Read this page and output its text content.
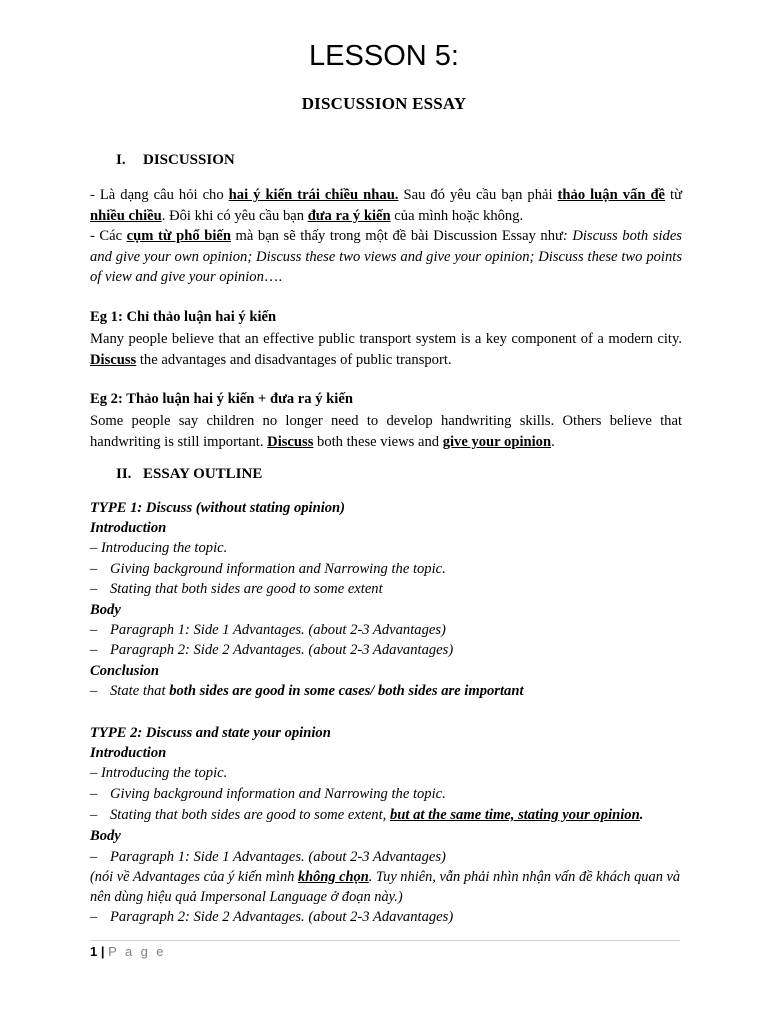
LESSON 5:
DISCUSSION ESSAY
I. DISCUSSION
- Là dạng câu hỏi cho hai ý kiến trái chiều nhau. Sau đó yêu cầu bạn phải thảo luận vấn đề từ nhiều chiều. Đôi khi có yêu cầu bạn đưa ra ý kiến của mình hoặc không.
- Các cụm từ phổ biến mà bạn sẽ thấy trong một đề bài Discussion Essay như: Discuss both sides and give your own opinion; Discuss these two views and give your opinion; Discuss these two points of view and give your opinion….
Eg 1: Chỉ thảo luận hai ý kiến
Many people believe that an effective public transport system is a key component of a modern city. Discuss the advantages and disadvantages of public transport.
Eg 2: Thảo luận hai ý kiến + đưa ra ý kiến
Some people say children no longer need to develop handwriting skills. Others believe that handwriting is still important. Discuss both these views and give your opinion.
II. ESSAY OUTLINE
TYPE 1: Discuss (without stating opinion)
Introduction
– Introducing the topic.
– Giving background information and Narrowing the topic.
– Stating that both sides are good to some extent
Body
– Paragraph 1: Side 1 Advantages. (about 2-3 Advantages)
– Paragraph 2: Side 2 Advantages. (about 2-3 Adavantages)
Conclusion
– State that both sides are good in some cases/ both sides are important
TYPE 2: Discuss and state your opinion
Introduction
– Introducing the topic.
– Giving background information and Narrowing the topic.
– Stating that both sides are good to some extent, but at the same time, stating your opinion.
Body
– Paragraph 1: Side 1 Advantages. (about 2-3 Advantages)
(nói về Advantages của ý kiến mình không chọn. Tuy nhiên, vẫn phải nhìn nhận vấn đề khách quan và nên dùng hiệu quả Impersonal Language ở đoạn này.)
– Paragraph 2: Side 2 Advantages. (about 2-3 Adavantages)
1 | P a g e
